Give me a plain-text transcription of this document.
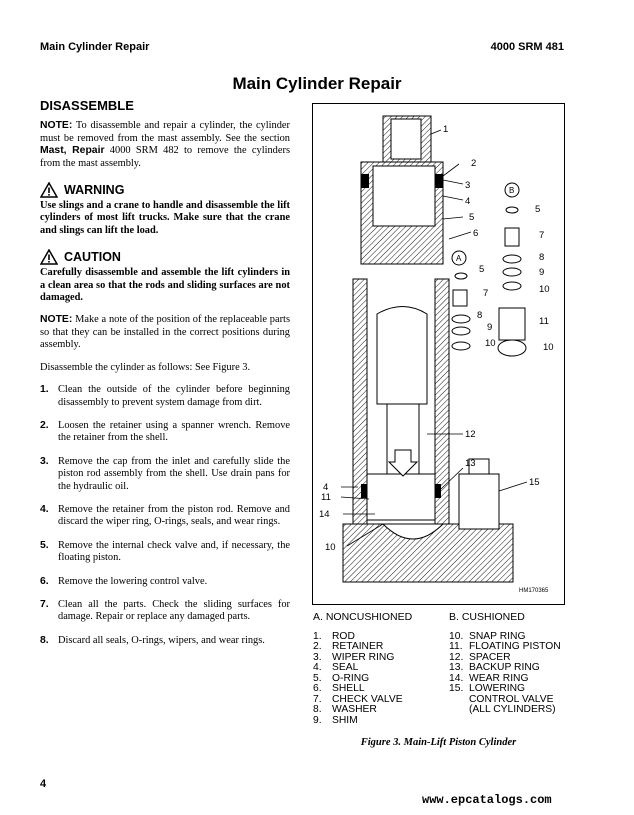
Main Cylinder Repair	4000 SRM 481
Main Cylinder Repair
DISASSEMBLE

NOTE: To disassemble and repair a cylinder, the cylinder must be removed from the mast assembly. See the section Mast, Repair 4000 SRM 482 to remove the cylinders from the mast assembly.

WARNING

Use slings and a crane to handle and disassemble the lift cylinders of most lift trucks. Make sure that the crane and slings can lift the load.

CAUTION

Carefully disassemble and assemble the lift cylinders in a clean area so that the rods and sliding surfaces are not damaged.

NOTE: Make a note of the position of the replaceable parts so that they can be installed in the correct positions during assembly.

Disassemble the cylinder as follows: See Figure 3.

1. Clean the outside of the cylinder before beginning disassembly to prevent system damage from dirt.
2. Loosen the retainer using a spanner wrench. Remove the retainer from the shell.
3. Remove the cap from the inlet and carefully slide the piston rod assembly from the shell. Use drain pans for the hydraulic oil.
4. Remove the retainer from the piston rod. Remove and discard the wiper ring, O-rings, seals, and wear rings.
5. Remove the internal check valve and, if necessary, the floating piston.
6. Remove the lowering control valve.
7. Clean all the parts. Check the sliding surfaces for damage. Repair or replace any damaged parts.
8. Discard all seals, O-rings, wipers, and wear rings.
1
2
3
4
5
6
5
7
8
9
10
5
7
8
9
10
11
10
12
13
15
4
11
14
10
A
B
HM170365
A. NONCUSHIONED
1.	ROD
2.	RETAINER
3.	WIPER RING
4.	SEAL
5.	O-RING
6.	SHELL
7.	CHECK VALVE
8.	WASHER
9.	SHIM
B. CUSHIONED
10. SNAP RING
11. FLOATING PISTON
12. SPACER
13. BACKUP RING
14. WEAR RING
15. LOWERING
CONTROL VALVE
(ALL CYLINDERS)
Figure 3. Main-Lift Piston Cylinder
4
www.epcatalogs.com
